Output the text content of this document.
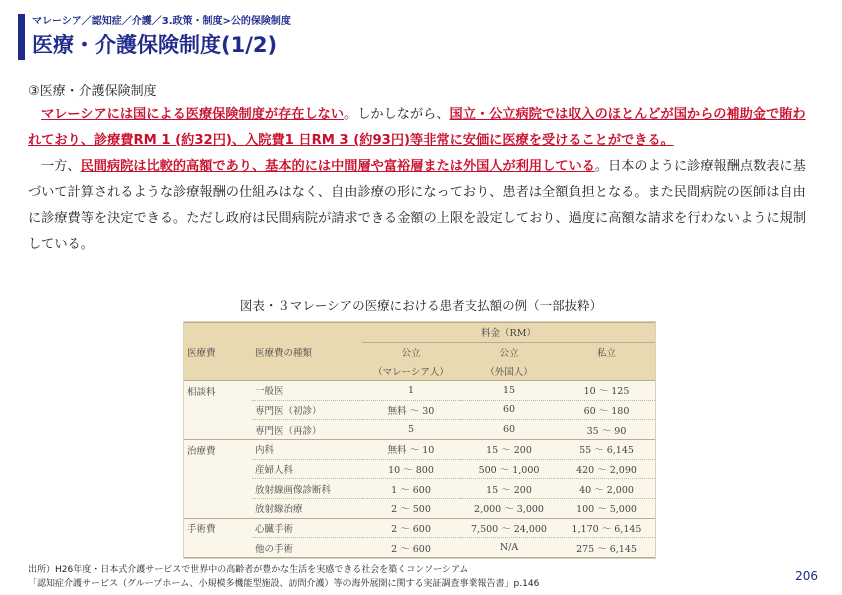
マレーシア／認知症／介護／3.政策・制度>公的保険制度
医療・介護保険制度(1/2)
③医療・介護保険制度

マレーシアには国による医療保険制度が存在しない。しかしながら、国立・公立病院では収入のほとんどが国からの補助金で賄われており、診療費RM 1 (約32円)、入院費1 日RM 3 (約93円)等非常に安価に医療を受けることができる。

一方、民間病院は比較的高額であり、基本的には中間層や富裕層または外国人が利用している。日本のように診療報酬点数表に基づいて計算されるような診療報酬の仕組みはなく、自由診療の形になっており、患者は全額負担となる。また民間病院の医師は自由に診療費等を決定できる。ただし政府は民間病院が請求できる金額の上限を設定しており、過度に高額な請求を行わないように規制している。

図表・３マレーシアの医療における患者支払額の例（一部抜粋）
		料金（RM）		
医療費	医療費の種類	公立	公立	私立
		（マレーシア人）	（外国人）	
相談料	一般医	1	15	10 〜 125
	専門医（初診）	無料 〜 30	60	60 〜 180
	専門医（再診）	5	60	35 〜 90
治療費	内科	無料 〜 10	15 〜 200	55 〜 6,145
	産婦人科	10 〜 800	500 〜 1,000	420 〜 2,090
	放射線画像診断科	1 〜 600	15 〜 200	40 〜 2,000
	放射線治療	2 〜 500	2,000 〜 3,000	100 〜 5,000
手術費	心臓手術	2 〜 600	7,500 〜 24,000	1,170 〜 6,145
	他の手術	2 〜 600	N/A	275 〜 6,145
出所）H26年度・日本式介護サービスで世界中の高齢者が豊かな生活を実感できる社会を築くコンソーシアム
「認知症介護サービス（グループホーム、小規模多機能型施設、訪問介護）等の海外展開に関する実証調査事業報告書」p.146
206
